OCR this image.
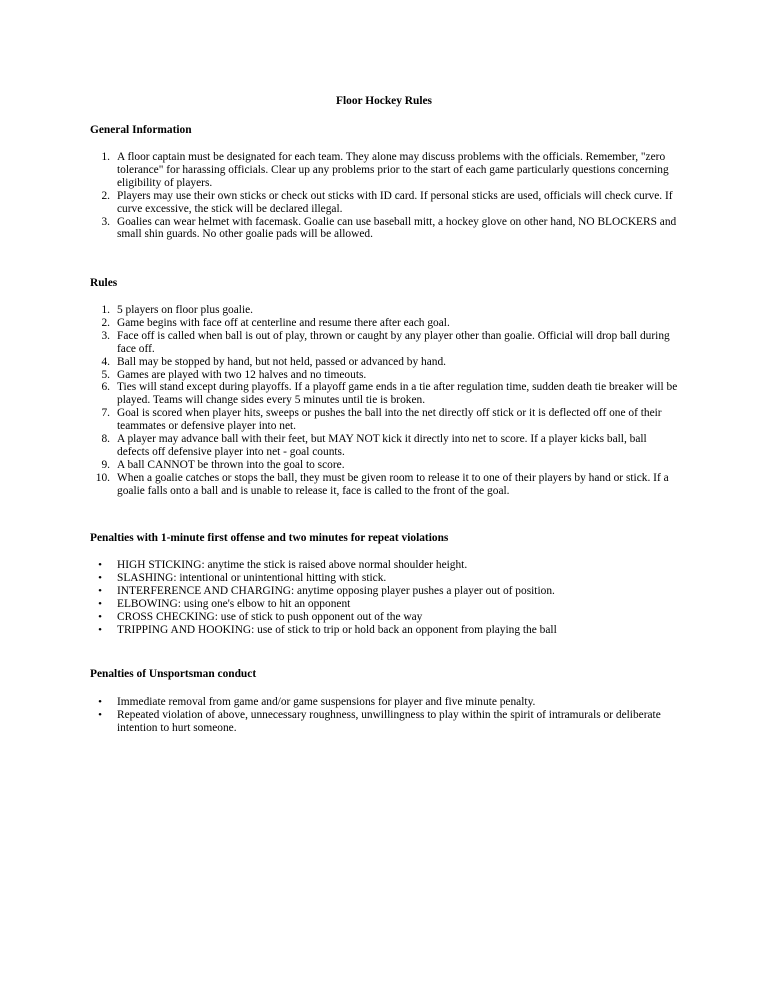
Floor Hockey Rules
General Information
1. A floor captain must be designated for each team. They alone may discuss problems with the officials. Remember, "zero tolerance" for harassing officials. Clear up any problems prior to the start of each game particularly questions concerning eligibility of players.
2. Players may use their own sticks or check out sticks with ID card. If personal sticks are used, officials will check curve. If curve excessive, the stick will be declared illegal.
3. Goalies can wear helmet with facemask. Goalie can use baseball mitt, a hockey glove on other hand, NO BLOCKERS and small shin guards. No other goalie pads will be allowed.
Rules
1. 5 players on floor plus goalie.
2. Game begins with face off at centerline and resume there after each goal.
3. Face off is called when ball is out of play, thrown or caught by any player other than goalie. Official will drop ball during face off.
4. Ball may be stopped by hand, but not held, passed or advanced by hand.
5. Games are played with two 12 halves and no timeouts.
6. Ties will stand except during playoffs. If a playoff game ends in a tie after regulation time, sudden death tie breaker will be played. Teams will change sides every 5 minutes until tie is broken.
7. Goal is scored when player hits, sweeps or pushes the ball into the net directly off stick or it is deflected off one of their teammates or defensive player into net.
8. A player may advance ball with their feet, but MAY NOT kick it directly into net to score. If a player kicks ball, ball defects off defensive player into net - goal counts.
9. A ball CANNOT be thrown into the goal to score.
10. When a goalie catches or stops the ball, they must be given room to release it to one of their players by hand or stick. If a goalie falls onto a ball and is unable to release it, face is called to the front of the goal.
Penalties with 1-minute first offense and two minutes for repeat violations
•	HIGH STICKING: anytime the stick is raised above normal shoulder height.
•	SLASHING: intentional or unintentional hitting with stick.
•	INTERFERENCE AND CHARGING: anytime opposing player pushes a player out of position.
•	ELBOWING: using one's elbow to hit an opponent
•	CROSS CHECKING: use of stick to push opponent out of the way
•	TRIPPING AND HOOKING: use of stick to trip or hold back an opponent from playing the ball
Penalties of Unsportsman conduct
•	Immediate removal from game and/or game suspensions for player and five minute penalty.
•	Repeated violation of above, unnecessary roughness, unwillingness to play within the spirit of intramurals or deliberate intention to hurt someone.
